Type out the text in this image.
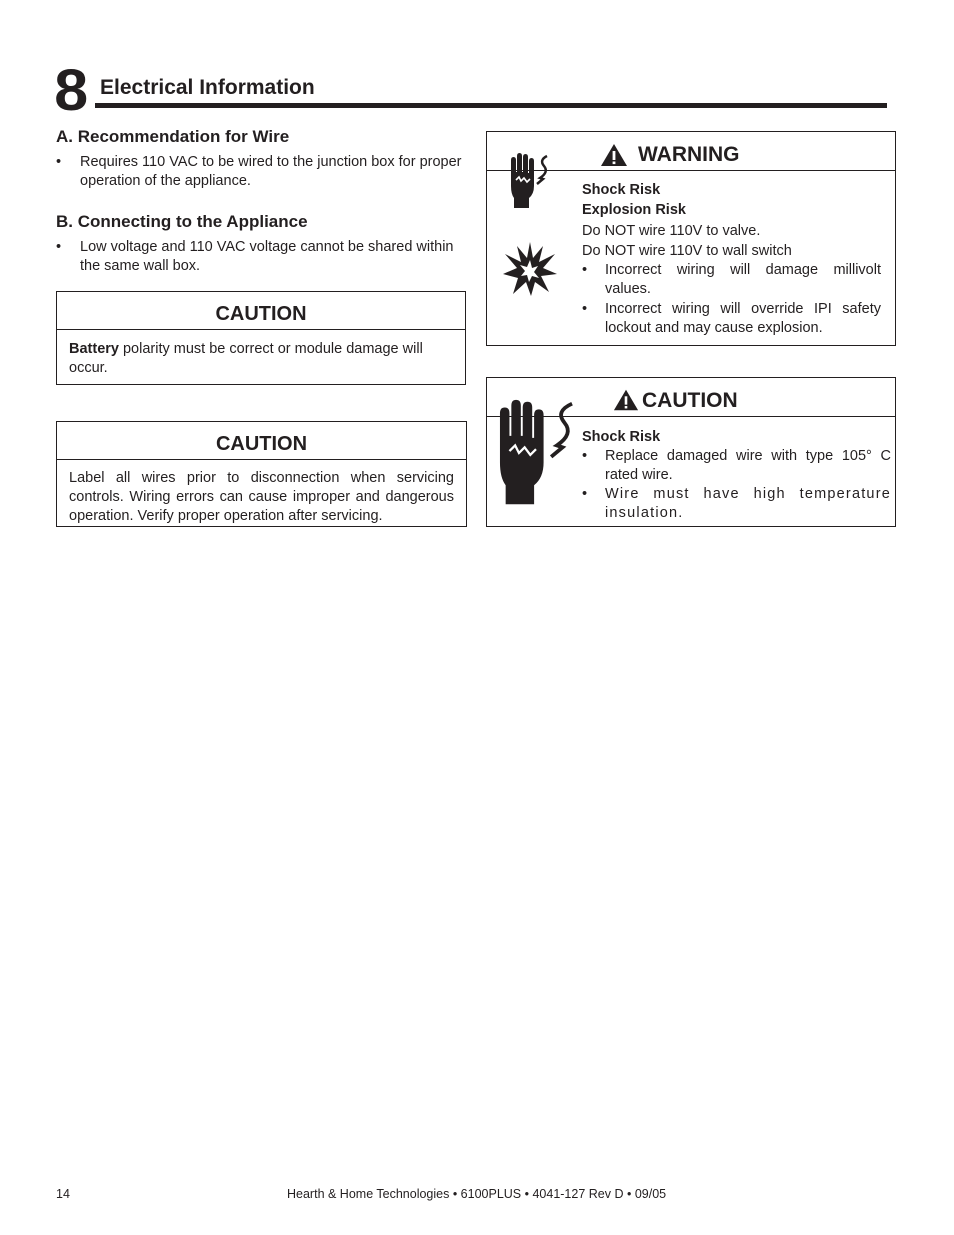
8 Electrical Information
A. Recommendation for Wire
•	Requires 110 VAC to be wired to the junction box for proper operation of the appliance.
B. Connecting to the Appliance
•	Low voltage and 110 VAC voltage cannot be shared within the same wall box.
CAUTION
Battery polarity must be correct or module damage will occur.
CAUTION
Label all wires prior to disconnection when servicing controls. Wiring errors can cause improper and dangerous operation. Verify proper operation after servicing.
WARNING
Shock Risk
Explosion Risk
Do NOT wire 110V to valve.
Do NOT wire 110V to wall switch
•	Incorrect wiring will damage millivolt values.
•	Incorrect wiring will override IPI safety lockout and may cause explosion.
CAUTION
Shock Risk
•	Replace damaged wire with type 105° C rated wire.
•	Wire must have high temperature insulation.
14	Hearth & Home Technologies • 6100PLUS • 4041-127 Rev D • 09/05
